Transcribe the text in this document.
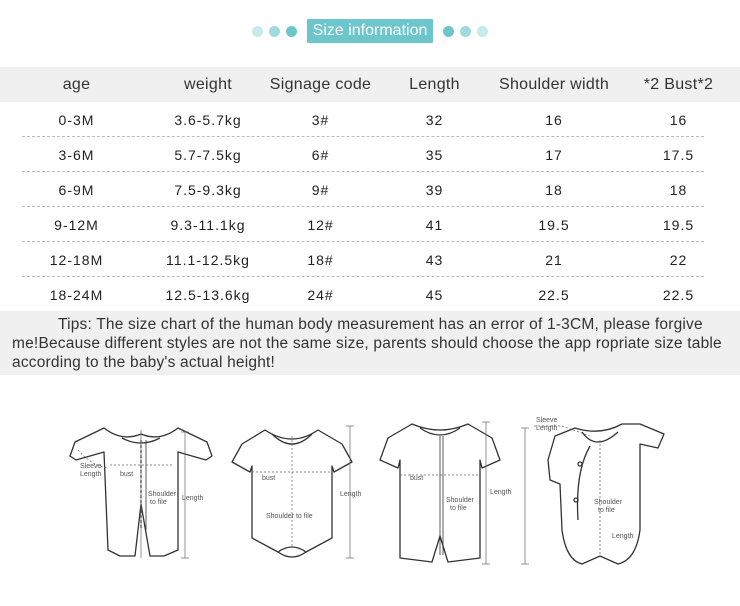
Size information
age	weight	Signage code	Length	Shoulder width	*2 Bust*2
0-3M	3.6-5.7kg	3#	32	16	16
3-6M	5.7-7.5kg	6#	35	17	17.5
6-9M	7.5-9.3kg	9#	39	18	18
9-12M	9.3-11.1kg	12#	41	19.5	19.5
12-18M	11.1-12.5kg	18#	43	21	22
18-24M	12.5-13.6kg	24#	45	22.5	22.5
Tips: The size chart of the human body measurement has an error of 1-3CM, please forgive me!Because different styles are not the same size, parents should choose the app ropriate size table according to the baby's actual height!
Sleeve
Length	bust
Shoulder
to file
Length
bust
Shoulder to file
Length
bust
Shoulder
to file
Length
Sleeve
Length
Shoulder
to file
Length
